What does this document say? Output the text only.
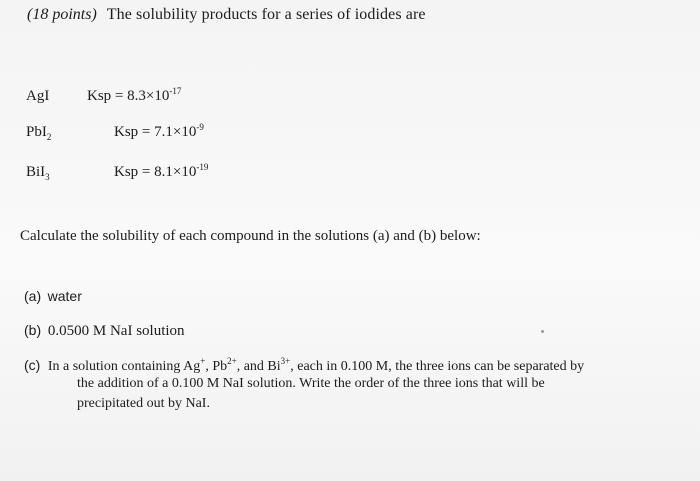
(18 points) The solubility products for a series of iodides are
AgI	Ksp = $8.3\times 10^{-17}$
PbI$_2$	Ksp = $7.1\times 10^{-9}$
BiI$_3$	Ksp = $8.1\times 10^{-19}$
Calculate the solubility of each compound in the solutions (a) and (b) below:
(a) water
(b) 0.0500 M NaI solution
(c) In a solution containing Ag+, $Pb^{2+}$, and $Bi^{3+}$, each in 0.100 M, the three ions can be separated by
the addition of a 0.100 M NaI solution. Write the order of the three ions that will be
precipitated out by NaI.
